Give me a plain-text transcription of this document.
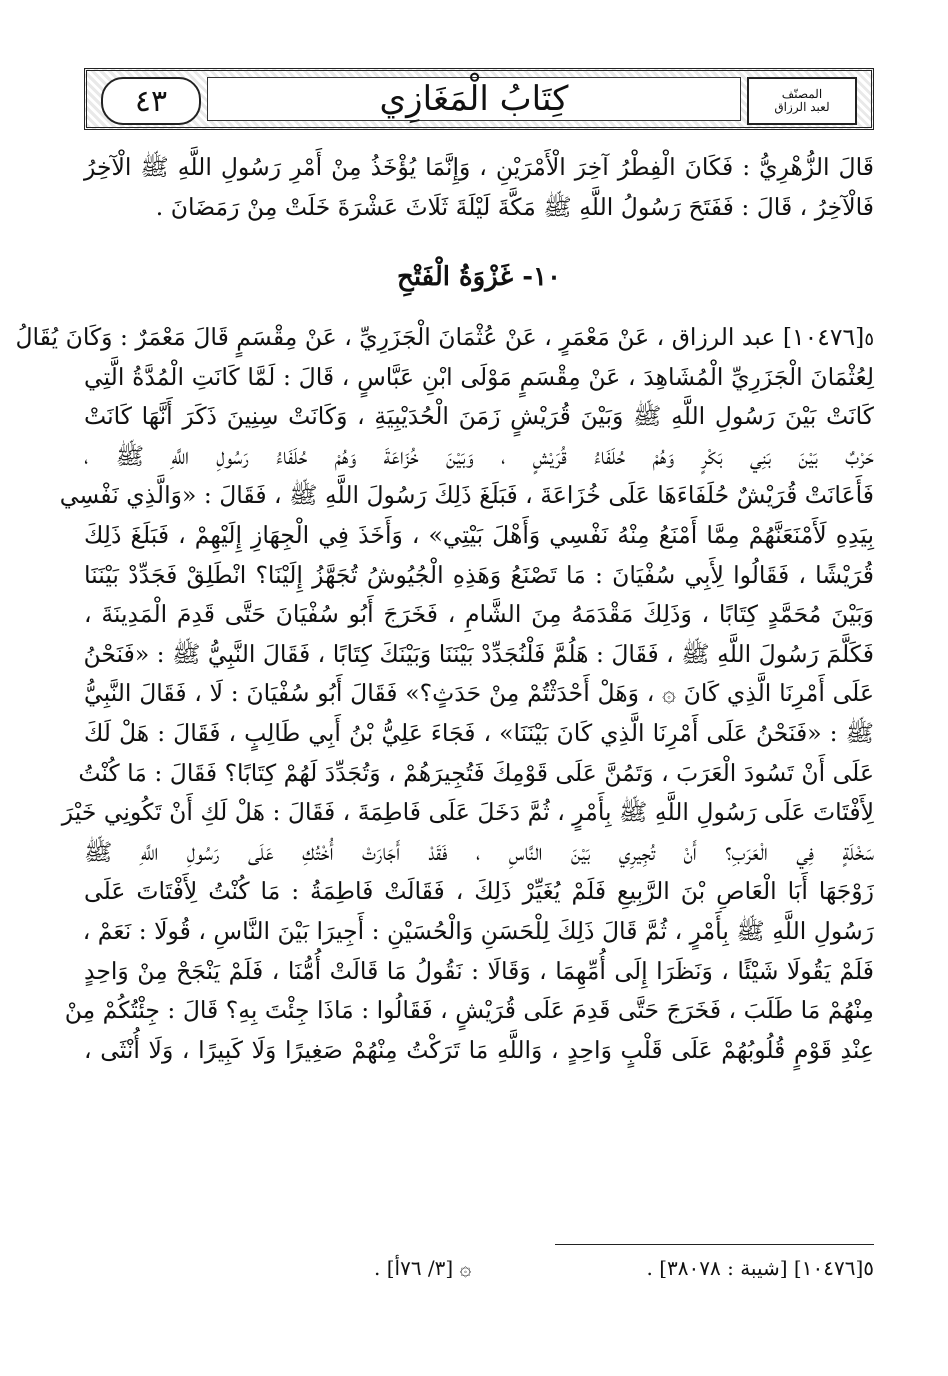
٤٣	كِتَابُ الْمَغَازِي	المصنّف
لعبد الرزاق
قَالَ الزُّهْرِيُّ : فَكَانَ الْفِطْرُ آخِرَ الْأَمْرَيْنِ ، وَإِنَّمَا يُؤْخَذُ مِنْ أَمْرِ رَسُولِ اللَّهِ ﷺ الْآخِرُ
فَالْآخِرُ ، قَالَ : فَفَتَحَ رَسُولُ اللَّهِ ﷺ مَكَّةَ لَيْلَةَ ثَلَاثَ عَشْرَةَ خَلَتْ مِنْ رَمَضَانَ .
١٠- غَزْوَةُ الْفَتْحِ
٥[١٠٤٧٦] عبد الرزاق ، عَنْ مَعْمَرٍ ، عَنْ عُثْمَانَ الْجَزَرِيِّ ، عَنْ مِقْسَمٍ قَالَ مَعْمَرٌ : وَكَانَ يُقَالُ
لِعُثْمَانَ الْجَزَرِيِّ الْمُشَاهِدَ ، عَنْ مِقْسَمٍ مَوْلَى ابْنِ عَبَّاسٍ ، قَالَ : لَمَّا كَانَتِ الْمُدَّةُ الَّتِي
كَانَتْ بَيْنَ رَسُولِ اللَّهِ ﷺ وَبَيْنَ قُرَيْشٍ زَمَنَ الْحُدَيْبِيَةِ ، وَكَانَتْ سِنِينَ ذَكَرَ أَنَّهَا كَانَتْ
حَرْبٌ بَيْنَ بَنِي بَكْرٍ وَهُمْ حُلَفَاءُ قُرَيْشٍ ، وَبَيْنَ خُزَاعَةَ وَهُمْ حُلَفَاءُ رَسُولِ اللَّهِ ﷺ ،
فَأَعَانَتْ قُرَيْشٌ حُلَفَاءَهَا عَلَى خُزَاعَةَ ، فَبَلَغَ ذَلِكَ رَسُولَ اللَّهِ ﷺ ، فَقَالَ : «وَالَّذِي نَفْسِي
بِيَدِهِ لَأَمْنَعَنَّهُمْ مِمَّا أَمْنَعُ مِنْهُ نَفْسِي وَأَهْلَ بَيْتِي» ، وَأَخَذَ فِي الْجِهَازِ إِلَيْهِمْ ، فَبَلَغَ ذَلِكَ
قُرَيْشًا ، فَقَالُوا لِأَبِي سُفْيَانَ : مَا تَصْنَعُ وَهَذِهِ الْجُيُوشُ تُجَهَّزُ إِلَيْنَا؟ انْطَلِقْ فَجَدِّدْ بَيْنَنَا
وَبَيْنَ مُحَمَّدٍ كِتَابًا ، وَذَلِكَ مَقْدَمَهُ مِنَ الشَّامِ ، فَخَرَجَ أَبُو سُفْيَانَ حَتَّى قَدِمَ الْمَدِينَةَ ،
فَكَلَّمَ رَسُولَ اللَّهِ ﷺ ، فَقَالَ : هَلُمَّ فَلْنُجَدِّدْ بَيْنَنَا وَبَيْنَكَ كِتَابًا ، فَقَالَ النَّبِيُّ ﷺ : «فَنَحْنُ
عَلَى أَمْرِنَا الَّذِي كَانَ ۞ ، وَهَلْ أَحْدَثْتُمْ مِنْ حَدَثٍ؟» فَقَالَ أَبُو سُفْيَانَ : لَا ، فَقَالَ النَّبِيُّ
ﷺ : «فَنَحْنُ عَلَى أَمْرِنَا الَّذِي كَانَ بَيْنَنَا» ، فَجَاءَ عَلِيُّ بْنُ أَبِي طَالِبٍ ، فَقَالَ : هَلْ لَكَ
عَلَى أَنْ تَسُودَ الْعَرَبَ ، وَتَمُنَّ عَلَى قَوْمِكَ فَتُجِيرَهُمْ ، وَتُجَدِّدَ لَهُمْ كِتَابًا؟ فَقَالَ : مَا كُنْتُ
لِأَفْتَاتَ عَلَى رَسُولِ اللَّهِ ﷺ بِأَمْرٍ ، ثُمَّ دَخَلَ عَلَى فَاطِمَةَ ، فَقَالَ : هَلْ لَكِ أَنْ تَكُونِي خَيْرَ
سَخْلَةٍ فِي الْعَرَبِ؟ أَنْ تُجِيرِي بَيْنَ النَّاسِ ، فَقَدْ أَجَارَتْ أُخْتُكِ عَلَى رَسُولِ اللَّهِ ﷺ
زَوْجَهَا أَبَا الْعَاصِ بْنَ الرَّبِيعِ فَلَمْ يُغَيِّرْ ذَلِكَ ، فَقَالَتْ فَاطِمَةُ : مَا كُنْتُ لِأَفْتَاتَ عَلَى
رَسُولِ اللَّهِ ﷺ بِأَمْرٍ ، ثُمَّ قَالَ ذَلِكَ لِلْحَسَنِ وَالْحُسَيْنِ : أَجِيرَا بَيْنَ النَّاسِ ، قُولَا : نَعَمْ ،
فَلَمْ يَقُولَا شَيْئًا ، وَنَظَرَا إِلَى أُمِّهِمَا ، وَقَالَا : نَقُولُ مَا قَالَتْ أُمُّنَا ، فَلَمْ يَنْجَحْ مِنْ وَاحِدٍ
مِنْهُمْ مَا طَلَبَ ، فَخَرَجَ حَتَّى قَدِمَ عَلَى قُرَيْشٍ ، فَقَالُوا : مَاذَا جِئْتَ بِهِ؟ قَالَ : جِئْتُكُمْ مِنْ
عِنْدِ قَوْمٍ قُلُوبُهُمْ عَلَى قَلْبٍ وَاحِدٍ ، وَاللَّهِ مَا تَرَكْتُ مِنْهُمْ صَغِيرًا وَلَا كَبِيرًا ، وَلَا أُنْثَى ،
٥[١٠٤٧٦] [شيبة : ٣٨٠٧٨] .
۞ [٣/ ٧٦أ] .
